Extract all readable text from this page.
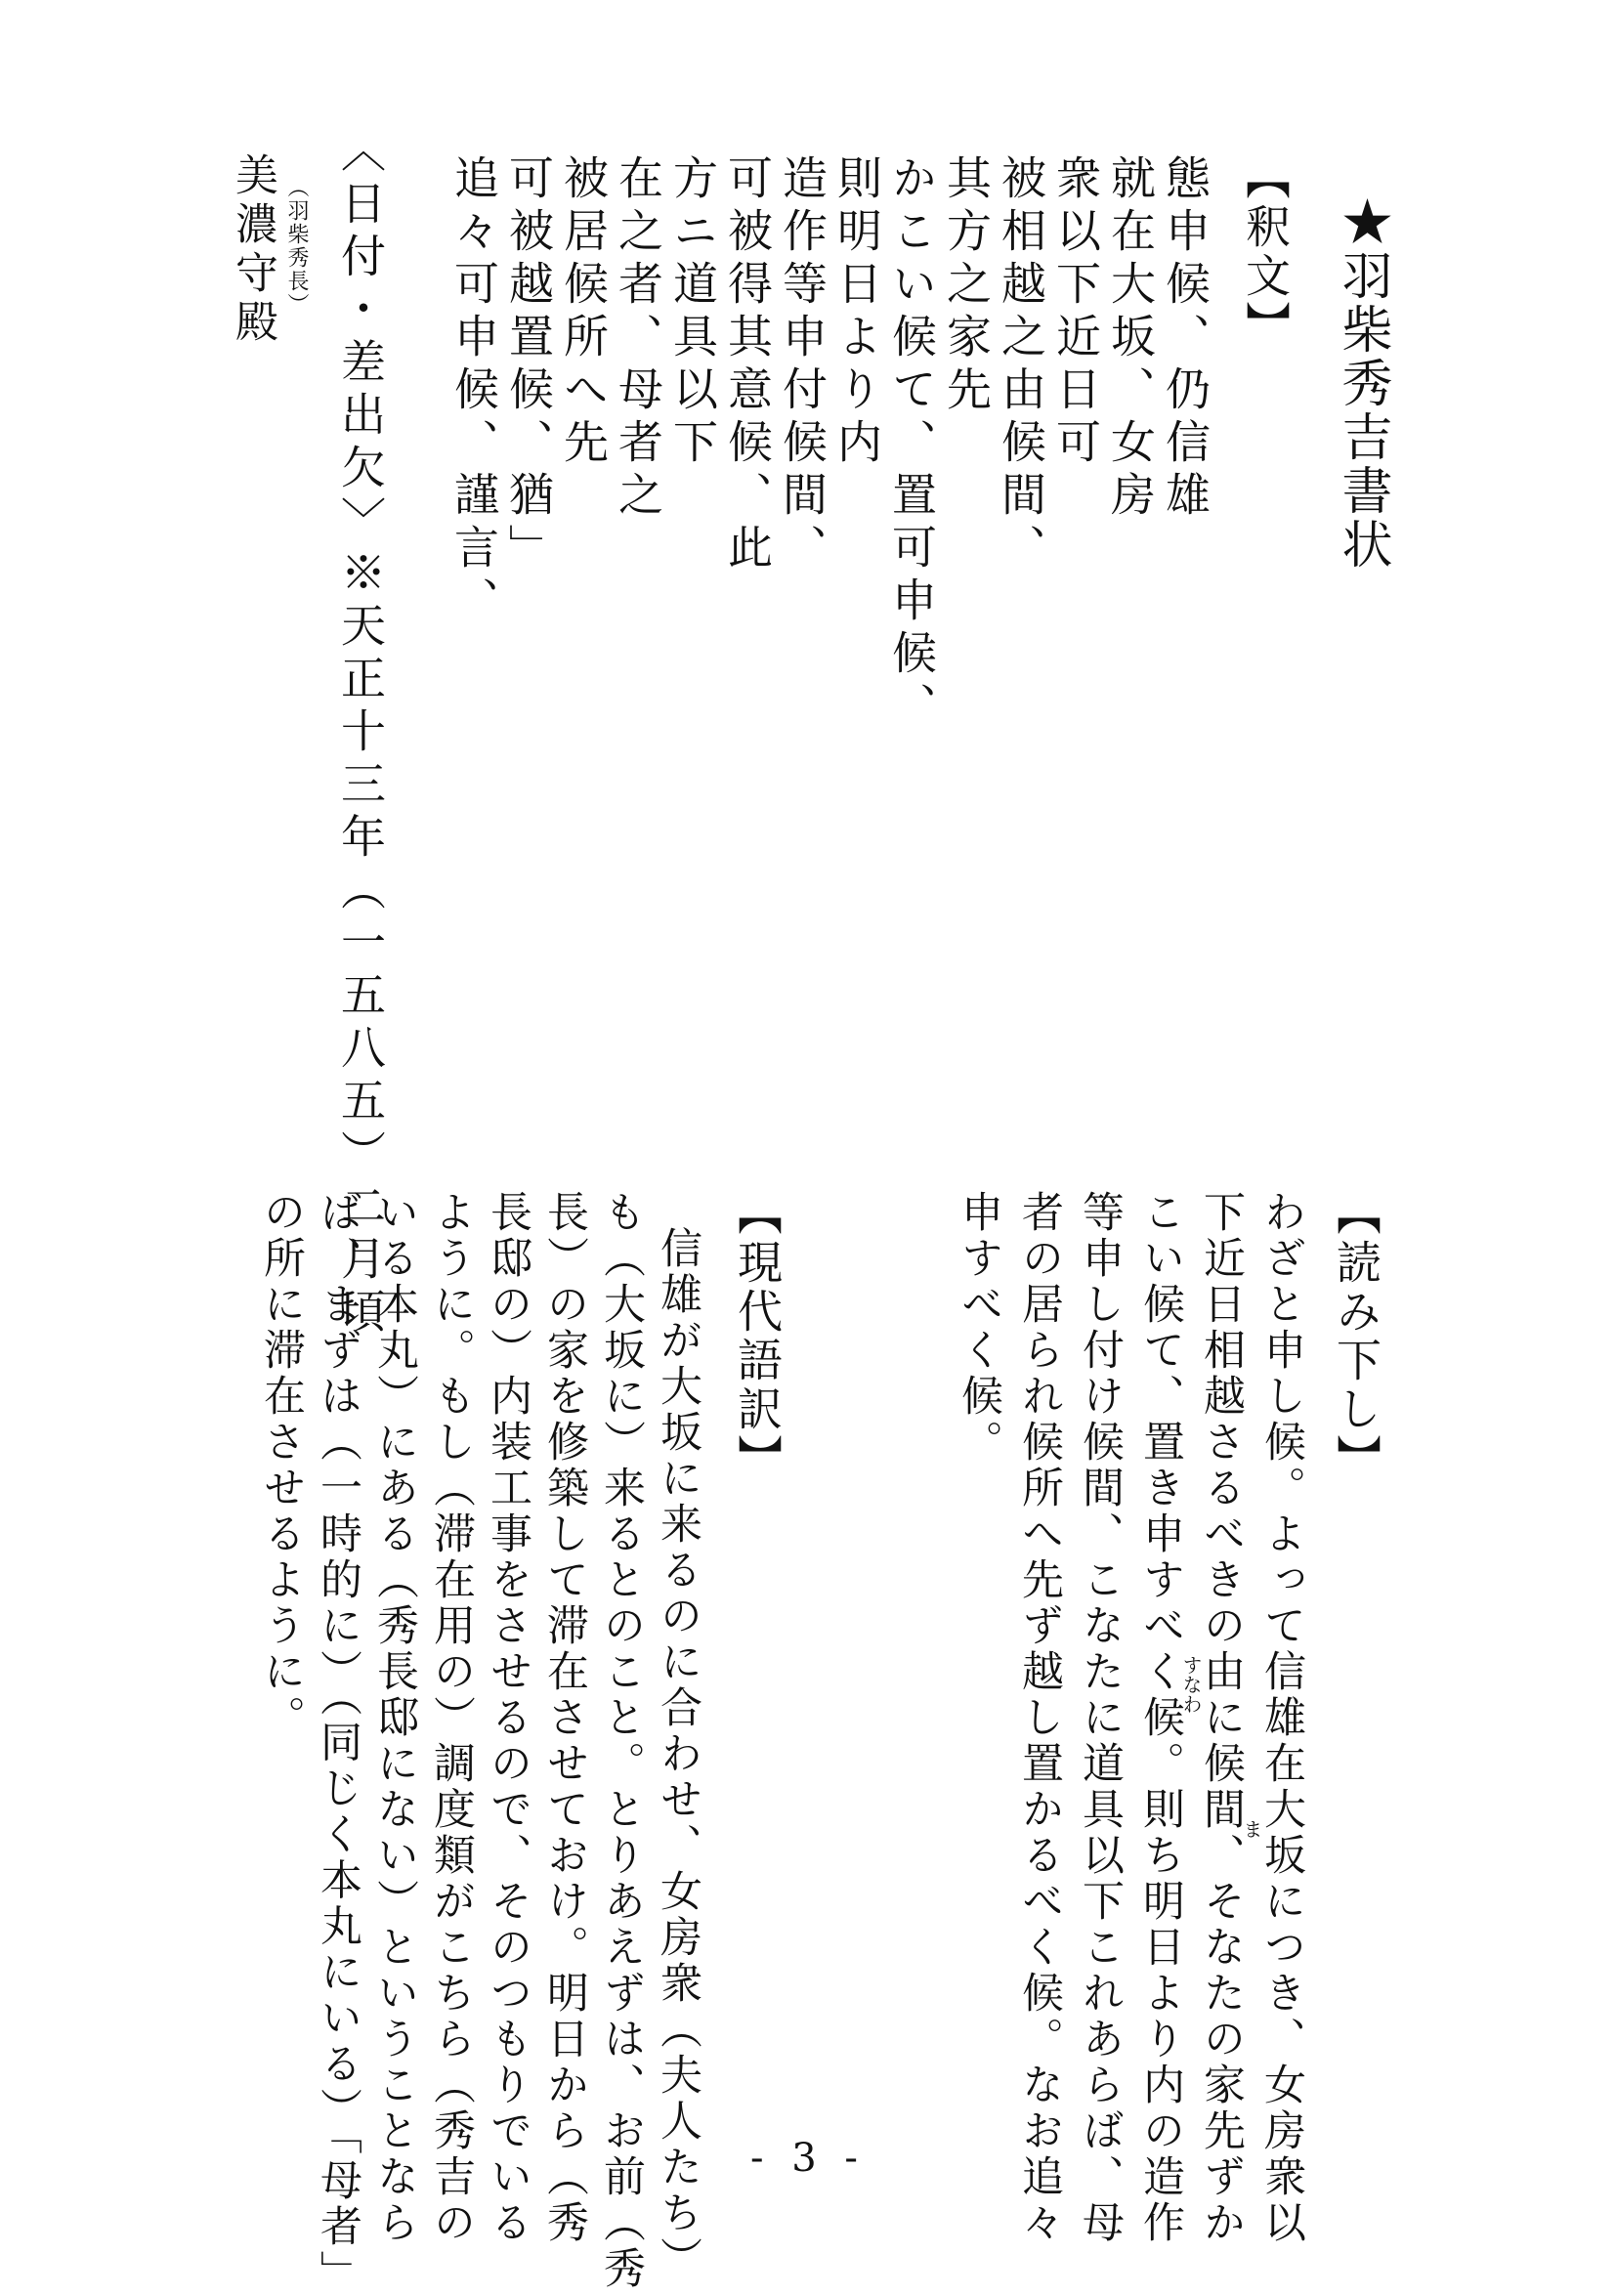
★羽柴秀吉書状
【釈文】
態申候、仍信雄
就在大坂、女房
衆以下近日可
被相越之由候間、
其方之家先
かこい候て、置可申候、
則明日より内
造作等申付候間、
可被得其意候、此
方ニ道具以下
在之者、母者之
被居候所へ先
可被越置候、猶」
追々可申候、謹言、
〈日付・差出欠〉※天正十三年（一五八五）二月頃
（羽柴秀長）
美濃守殿
【読み下し】
わざと申し候。よって信雄在大坂につき、女房衆以
下近日相越さるべきの由に候間、そなたの家先ずか
こい候て、置き申すべく候。則ち明日より内の造作
等申し付け候間、こなたに道具以下これあらば、母
者の居られ候所へ先ず越し置かるべく候。なお追々
申すべく候。
ま
すなわ
【現代語訳】
信雄が大坂に来るのに合わせ、女房衆（夫人たち）
も（大坂に）来るとのこと。とりあえずは、お前（秀
長）の家を修築して滞在させておけ。明日から（秀
長邸の）内装工事をさせるので、そのつもりでいる
ように。もし（滞在用の）調度類がこちら（秀吉の
いる本丸）にある（秀長邸にない）ということなら
ば、まずは（一時的に）（同じく本丸にいる）「母者」
の所に滞在させるように。
- 3 -
